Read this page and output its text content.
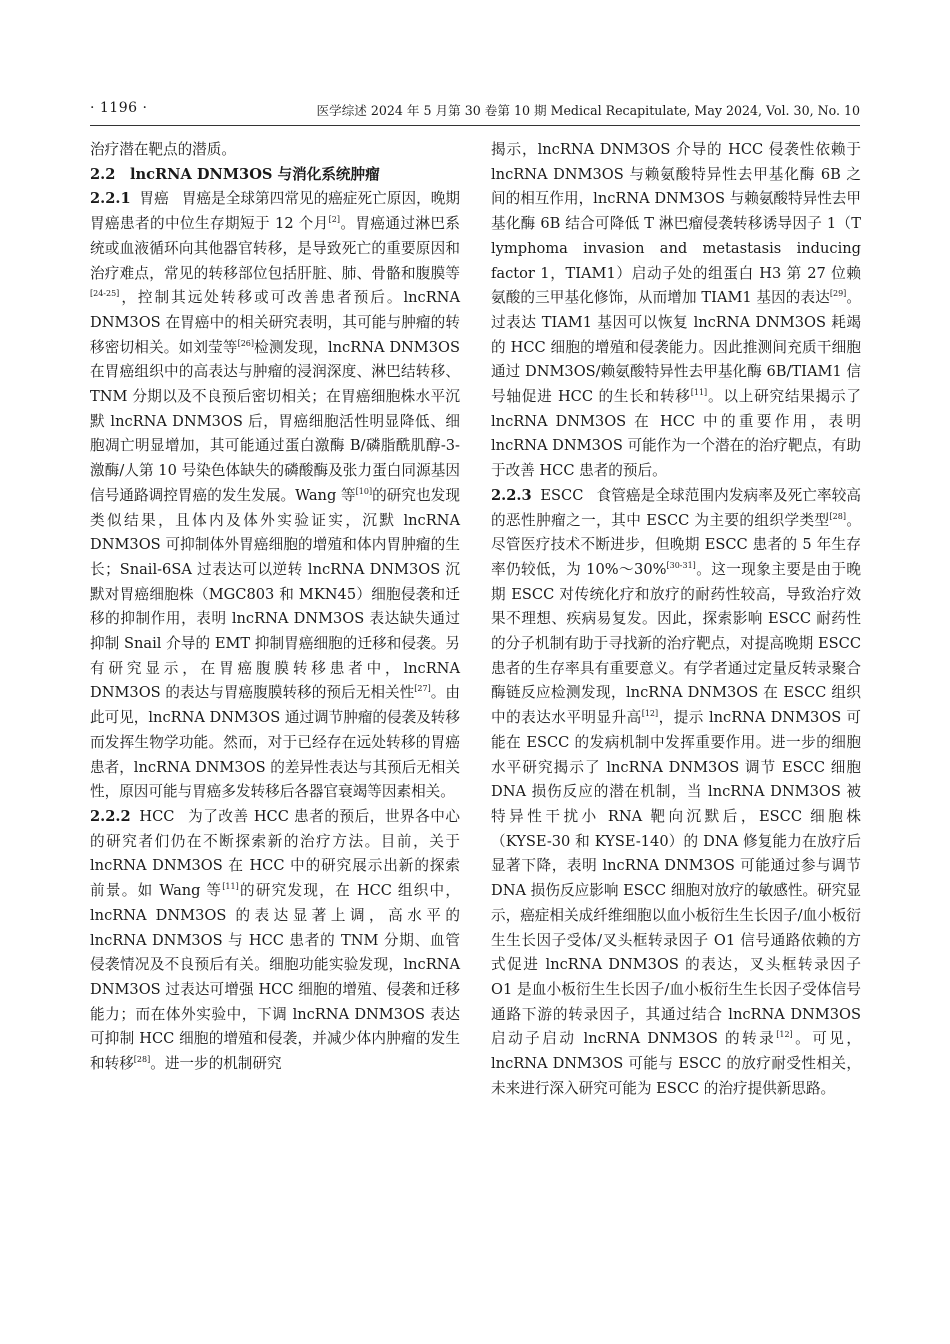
· 1196 ·	医学综述 2024 年 5 月第 30 卷第 10 期 Medical Recapitulate, May 2024, Vol. 30, No. 10

治疗潜在靶点的潜质。

2.2 lncRNA DNM3OS 与消化系统肿瘤

2.2.1 胃癌 胃癌是全球第四常见的癌症死亡原因，晚期胃癌患者的中位生存期短于 12 个月[2]。胃癌通过淋巴系统或血液循环向其他器官转移，是导致死亡的重要原因和治疗难点，常见的转移部位包括肝脏、肺、骨骼和腹膜等[24-25]，控制其远处转移或可改善患者预后。lncRNA DNM3OS 在胃癌中的相关研究表明，其可能与肿瘤的转移密切相关。如刘莹等[26]检测发现，lncRNA DNM3OS 在胃癌组织中的高表达与肿瘤的浸润深度、淋巴结转移、TNM 分期以及不良预后密切相关；在胃癌细胞株水平沉默 lncRNA DNM3OS 后，胃癌细胞活性明显降低、细胞凋亡明显增加，其可能通过蛋白激酶 B/磷脂酰肌醇-3-激酶/人第 10 号染色体缺失的磷酸酶及张力蛋白同源基因信号通路调控胃癌的发生发展。Wang 等[10]的研究也发现类似结果，且体内及体外实验证实，沉默 lncRNA DNM3OS 可抑制体外胃癌细胞的增殖和体内胃肿瘤的生长；Snail-6SA 过表达可以逆转 lncRNA DNM3OS 沉默对胃癌细胞株（MGC803 和 MKN45）细胞侵袭和迁移的抑制作用，表明 lncRNA DNM3OS 表达缺失通过抑制 Snail 介导的 EMT 抑制胃癌细胞的迁移和侵袭。另有研究显示，在胃癌腹膜转移患者中，lncRNA DNM3OS 的表达与胃癌腹膜转移的预后无相关性[27]。由此可见，lncRNA DNM3OS 通过调节肿瘤的侵袭及转移而发挥生物学功能。然而，对于已经存在远处转移的胃癌患者，lncRNA DNM3OS 的差异性表达与其预后无相关性，原因可能与胃癌多发转移后各器官衰竭等因素相关。

2.2.2 HCC 为了改善 HCC 患者的预后，世界各中心的研究者们仍在不断探索新的治疗方法。目前，关于 lncRNA DNM3OS 在 HCC 中的研究展示出新的探索前景。如 Wang 等[11]的研究发现，在 HCC 组织中，lncRNA DNM3OS 的表达显著上调，高水平的 lncRNA DNM3OS 与 HCC 患者的 TNM 分期、血管侵袭情况及不良预后有关。细胞功能实验发现，lncRNA DNM3OS 过表达可增强 HCC 细胞的增殖、侵袭和迁移能力；而在体外实验中，下调 lncRNA DNM3OS 表达可抑制 HCC 细胞的增殖和侵袭，并减少体内肿瘤的发生和转移[28]。进一步的机制研究

揭示，lncRNA DNM3OS 介导的 HCC 侵袭性依赖于 lncRNA DNM3OS 与赖氨酸特异性去甲基化酶 6B 之间的相互作用，lncRNA DNM3OS 与赖氨酸特异性去甲基化酶 6B 结合可降低 T 淋巴瘤侵袭转移诱导因子 1（T lymphoma invasion and metastasis inducing factor 1，TIAM1）启动子处的组蛋白 H3 第 27 位赖氨酸的三甲基化修饰，从而增加 TIAM1 基因的表达[29]。过表达 TIAM1 基因可以恢复 lncRNA DNM3OS 耗竭的 HCC 细胞的增殖和侵袭能力。因此推测间充质干细胞通过 DNM3OS/赖氨酸特异性去甲基化酶 6B/TIAM1 信号轴促进 HCC 的生长和转移[11]。以上研究结果揭示了 lncRNA DNM3OS 在 HCC 中的重要作用，表明 lncRNA DNM3OS 可能作为一个潜在的治疗靶点，有助于改善 HCC 患者的预后。

2.2.3 ESCC 食管癌是全球范围内发病率及死亡率较高的恶性肿瘤之一，其中 ESCC 为主要的组织学类型[28]。尽管医疗技术不断进步，但晚期 ESCC 患者的 5 年生存率仍较低，为 10%～30%[30-31]。这一现象主要是由于晚期 ESCC 对传统化疗和放疗的耐药性较高，导致治疗效果不理想、疾病易复发。因此，探索影响 ESCC 耐药性的分子机制有助于寻找新的治疗靶点，对提高晚期 ESCC 患者的生存率具有重要意义。有学者通过定量反转录聚合酶链反应检测发现，lncRNA DNM3OS 在 ESCC 组织中的表达水平明显升高[12]，提示 lncRNA DNM3OS 可能在 ESCC 的发病机制中发挥重要作用。进一步的细胞水平研究揭示了 lncRNA DNM3OS 调节 ESCC 细胞 DNA 损伤反应的潜在机制，当 lncRNA DNM3OS 被特异性干扰小 RNA 靶向沉默后，ESCC 细胞株（KYSE-30 和 KYSE-140）的 DNA 修复能力在放疗后显著下降，表明 lncRNA DNM3OS 可能通过参与调节 DNA 损伤反应影响 ESCC 细胞对放疗的敏感性。研究显示，癌症相关成纤维细胞以血小板衍生生长因子/血小板衍生生长因子受体/叉头框转录因子 O1 信号通路依赖的方式促进 lncRNA DNM3OS 的表达，叉头框转录因子 O1 是血小板衍生生长因子/血小板衍生生长因子受体信号通路下游的转录因子，其通过结合 lncRNA DNM3OS 启动子启动 lncRNA DNM3OS 的转录[12]。可见，lncRNA DNM3OS 可能与 ESCC 的放疗耐受性相关，未来进行深入研究可能为 ESCC 的治疗提供新思路。
